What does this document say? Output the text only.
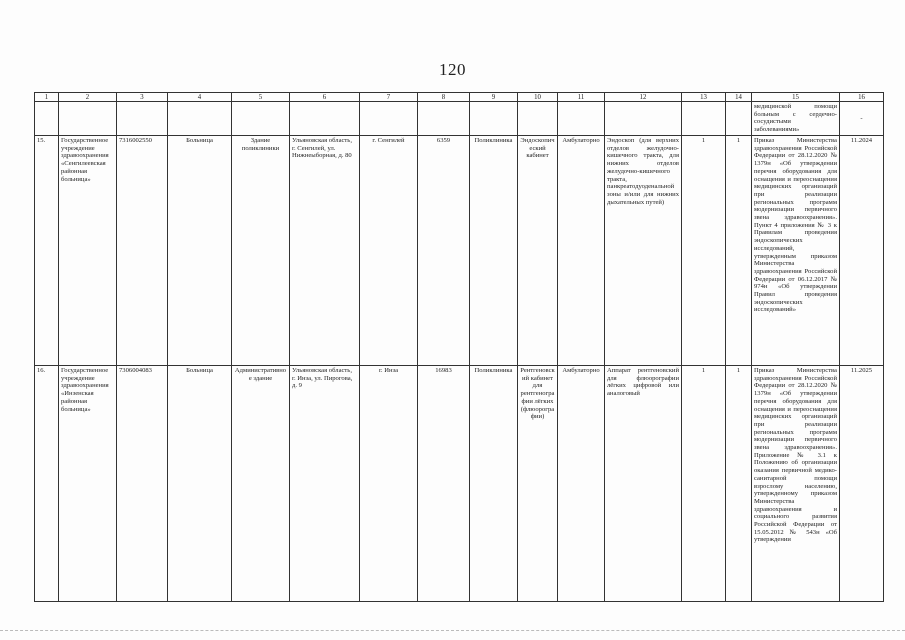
120
1	2	3	4	5	6	7	8	9	10	11	12	13	14	15	16
														медицинской помощи больным с сердечно-сосудистыми заболеваниями»	-
15.	Государственное учреждение здравоохранения «Сенгилеевская районная больница»	7316002550	Больница	Здание поликлиники	Ульяновская область, г. Сенгилей, ул. Нижнеыборная, д. 80	г. Сенгилей	6359	Поликлиника	Эндоскопический кабинет	Амбулаторно	Эндоскоп (для верхних отделов желудочно-кишечного тракта, для нижних отделов желудочно-кишечного тракта, панкреатодуоденальной зоны и/или для нижних дыхательных путей)	1	1	Приказ Министерства здравоохранения Российской Федерации от 28.12.2020 № 1379н «Об утверждении перечня оборудования для оснащения и переоснащения медицинских организаций при реализации региональных программ модернизации первичного звена здравоохранения». Пункт 4 приложения № 3 к Правилам проведения эндоскопических исследований, утвержденным приказом Министерства здравоохранения Российской Федерации от 06.12.2017 № 974н «Об утверждении Правил проведения эндоскопических исследований»	11.2024
16.	Государственное учреждение здравоохранения «Инзенская районная больница»	7306004083	Больница	Административное здание	Ульяновская область, г. Инза, ул. Пирогова, д. 9	г. Инза	16983	Поликлиника	Рентгеновский кабинет для рентгенографии лёгких (флюорографии)	Амбулаторно	Аппарат рентгеновский для флюорографии лёгких цифровой или аналоговый	1	1	Приказ Министерства здравоохранения Российской Федерации от 28.12.2020 № 1379н «Об утверждении перечня оборудования для оснащения и переоснащения медицинских организаций при реализации региональных программ модернизации первичного звена здравоохранения». Приложение № 3.1 к Положению об организации оказания первичной медико-санитарной помощи взрослому населению, утвержденному приказом Министерства здравоохранения и социального развития Российской Федерации от 15.05.2012 № 543н «Об утверждении	11.2025
